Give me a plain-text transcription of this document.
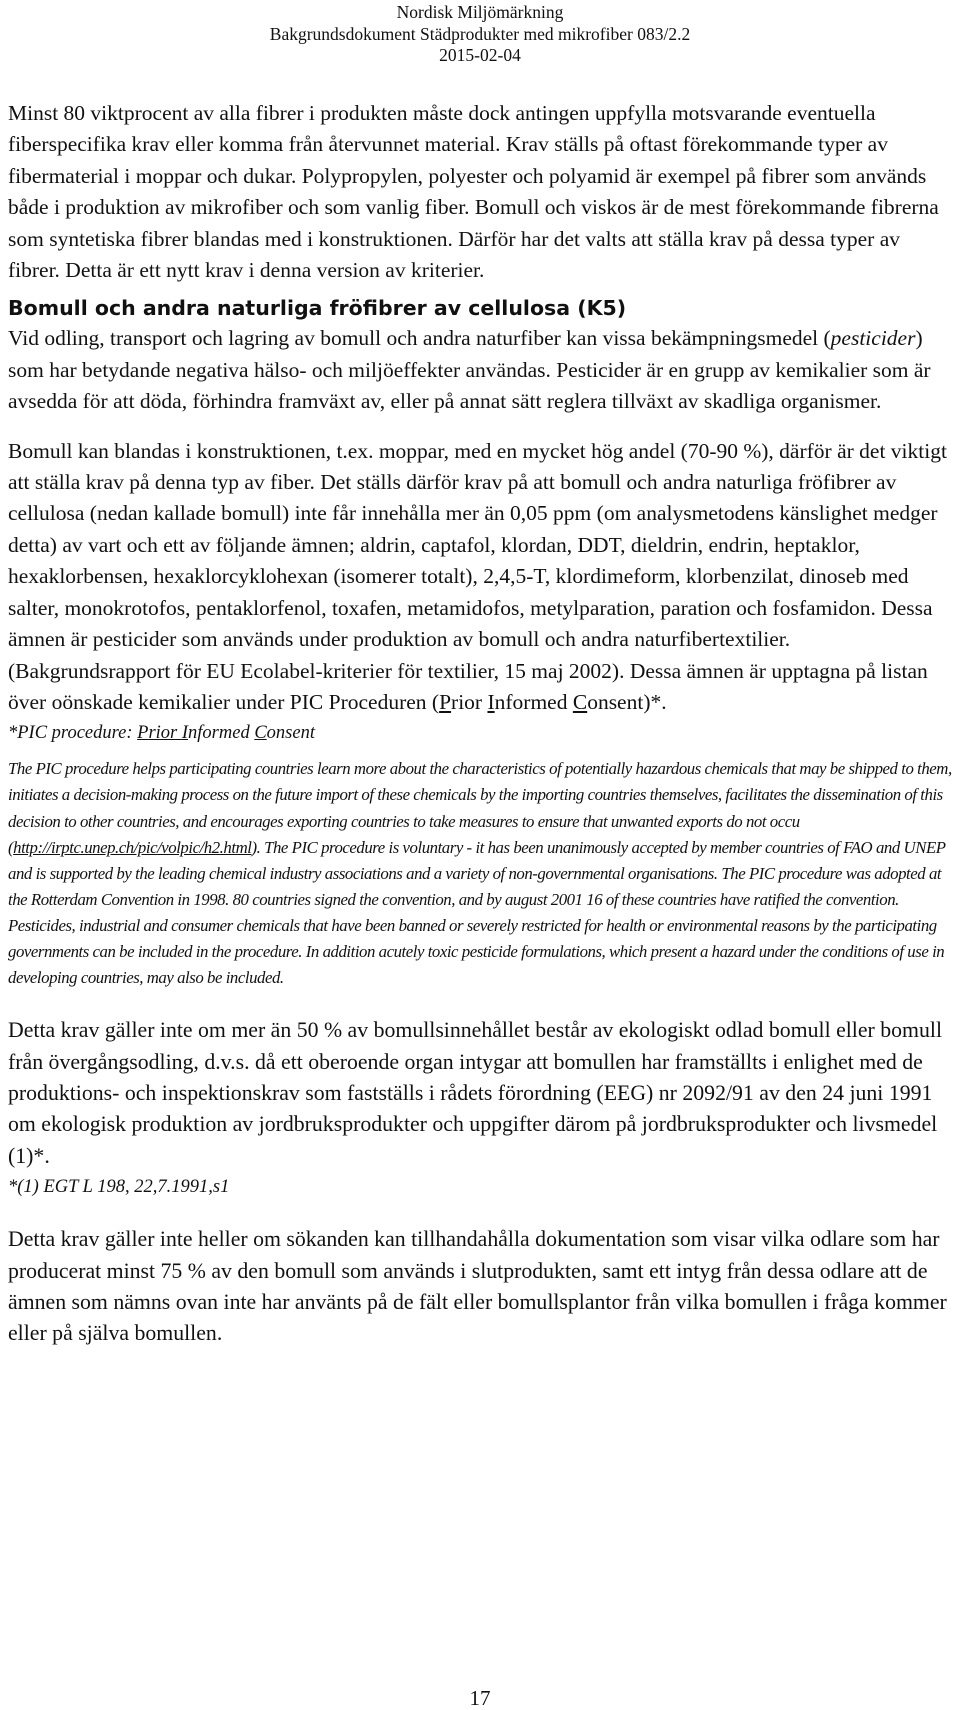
Nordisk Miljömärkning
Bakgrundsdokument Städprodukter med mikrofiber 083/2.2
2015-02-04

Minst 80 viktprocent av alla fibrer i produkten måste dock antingen uppfylla motsvarande eventuella fiberspecifika krav eller komma från återvunnet material. Krav ställs på oftast förekommande typer av fibermaterial i moppar och dukar. Polypropylen, polyester och polyamid är exempel på fibrer som används både i produktion av mikrofiber och som vanlig fiber. Bomull och viskos är de mest förekommande fibrerna som syntetiska fibrer blandas med i konstruktionen. Därför har det valts att ställa krav på dessa typer av fibrer. Detta är ett nytt krav i denna version av kriterier.

Bomull och andra naturliga fröfibrer av cellulosa (K5)

Vid odling, transport och lagring av bomull och andra naturfiber kan vissa bekämpningsmedel (pesticider) som har betydande negativa hälso- och miljöeffekter användas. Pesticider är en grupp av kemikalier som är avsedda för att döda, förhindra framväxt av, eller på annat sätt reglera tillväxt av skadliga organismer.

Bomull kan blandas i konstruktionen, t.ex. moppar, med en mycket hög andel (70-90 %), därför är det viktigt att ställa krav på denna typ av fiber. Det ställs därför krav på att bomull och andra naturliga fröfibrer av cellulosa (nedan kallade bomull) inte får innehålla mer än 0,05 ppm (om analysmetodens känslighet medger detta) av vart och ett av följande ämnen; aldrin, captafol, klordan, DDT, dieldrin, endrin, heptaklor, hexaklorbensen, hexaklorcyklohexan (isomerer totalt), 2,4,5-T, klordimeform, klorbenzilat, dinoseb med salter, monokrotofos, pentaklorfenol, toxafen, metamidofos, metylparation, paration och fosfamidon. Dessa ämnen är pesticider som används under produktion av bomull och andra naturfibertextilier. (Bakgrundsrapport för EU Ecolabel-kriterier för textilier, 15 maj 2002). Dessa ämnen är upptagna på listan över oönskade kemikalier under PIC Proceduren (Prior Informed Consent)*.

*PIC procedure: Prior Informed Consent

The PIC procedure helps participating countries learn more about the characteristics of potentially hazardous chemicals that may be shipped to them, initiates a decision-making process on the future import of these chemicals by the importing countries themselves, facilitates the dissemination of this decision to other countries, and encourages exporting countries to take measures to ensure that unwanted exports do not occu (http://irptc.unep.ch/pic/volpic/h2.html). The PIC procedure is voluntary - it has been unanimously accepted by member countries of FAO and UNEP and is supported by the leading chemical industry associations and a variety of non-governmental organisations. The PIC procedure was adopted at the Rotterdam Convention in 1998. 80 countries signed the convention, and by august 2001 16 of these countries have ratified the convention. Pesticides, industrial and consumer chemicals that have been banned or severely restricted for health or environmental reasons by the participating governments can be included in the procedure. In addition acutely toxic pesticide formulations, which present a hazard under the conditions of use in developing countries, may also be included.

Detta krav gäller inte om mer än 50 % av bomullsinnehållet består av ekologiskt odlad bomull eller bomull från övergångsodling, d.v.s. då ett oberoende organ intygar att bomullen har framställts i enlighet med de produktions- och inspektionskrav som fastställs i rådets förordning (EEG) nr 2092/91 av den 24 juni 1991 om ekologisk produktion av jordbruksprodukter och uppgifter därom på jordbruksprodukter och livsmedel (1)*.

*(1) EGT L 198, 22,7.1991,s1

Detta krav gäller inte heller om sökanden kan tillhandahålla dokumentation som visar vilka odlare som har producerat minst 75 % av den bomull som används i slutprodukten, samt ett intyg från dessa odlare att de ämnen som nämns ovan inte har använts på de fält eller bomullsplantor från vilka bomullen i fråga kommer eller på själva bomullen.

17
